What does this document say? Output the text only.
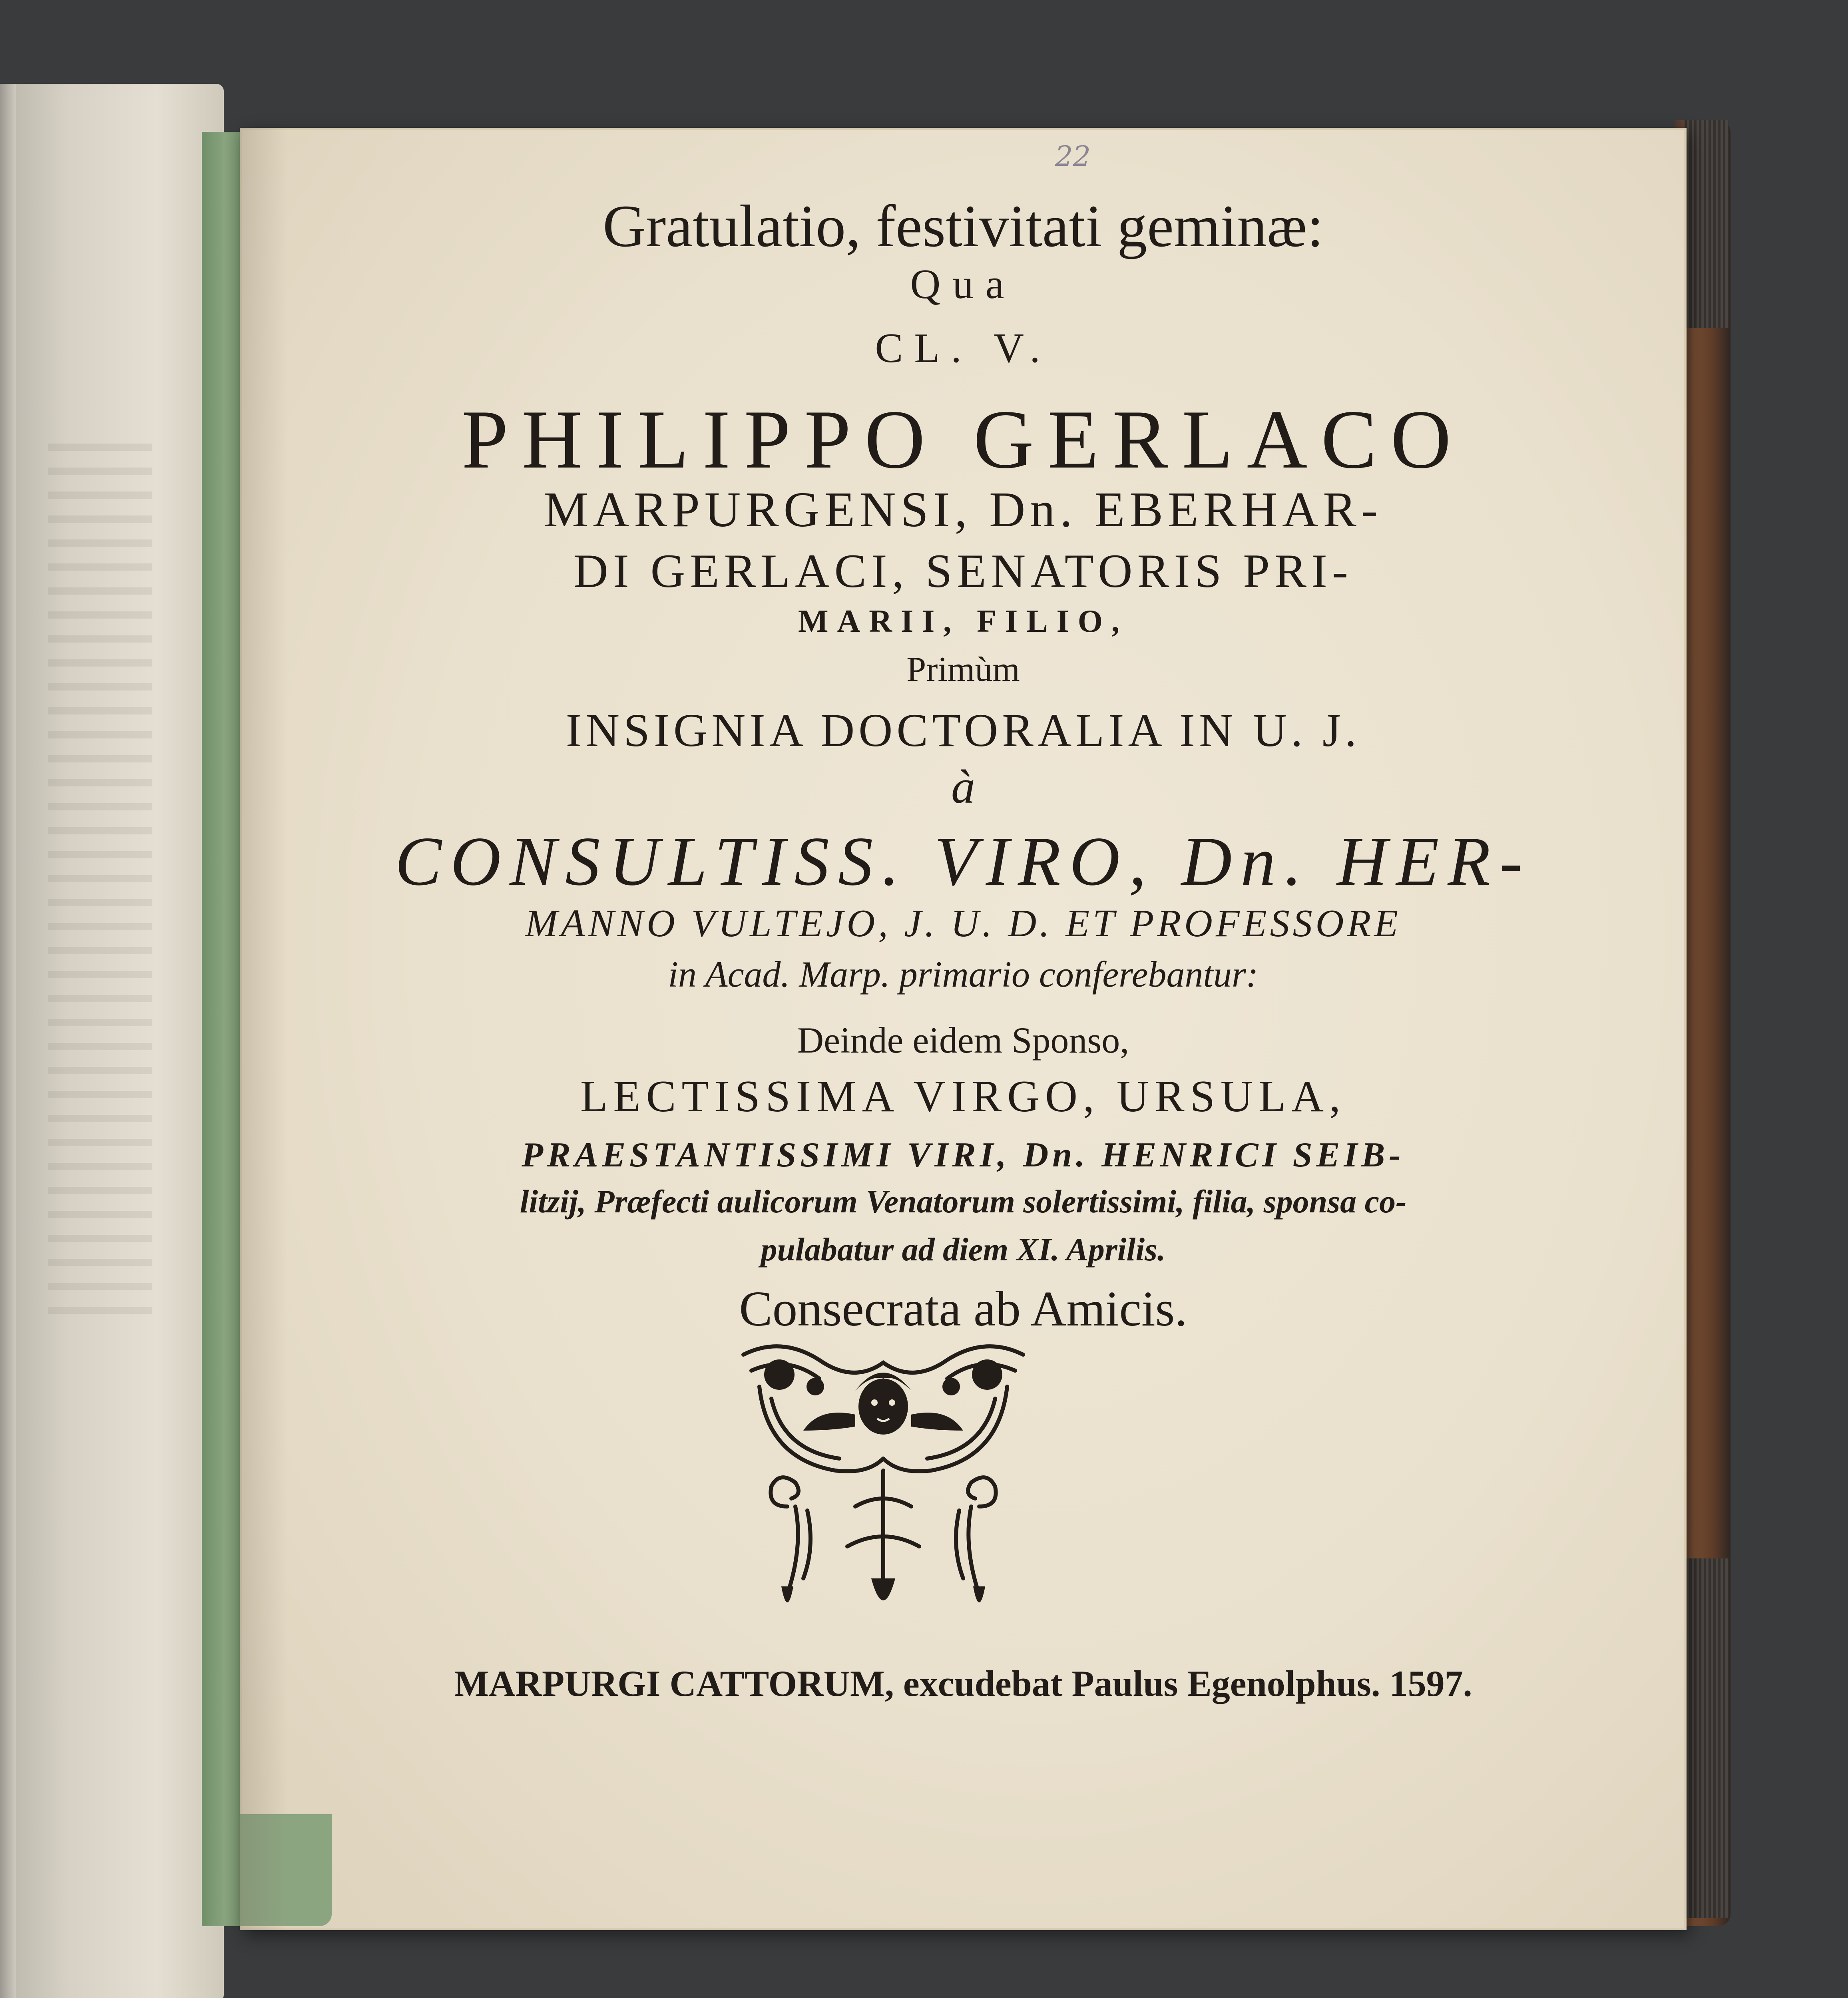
22
Gratulatio, festivitati geminæ:
Qua
CL. V.
PHILIPPO GERLACO
MARPURGENSI, Dn. EBERHAR-
DI GERLACI, SENATORIS PRI-
MARII, FILIO,
Primùm
INSIGNIA DOCTORALIA IN U. J.
à
CONSULTISS. VIRO, Dn. HER-
MANNO VULTEJO, J. U. D. ET PROFESSORE
in Acad. Marp. primario conferebantur:
Deinde eidem Sponso,
LECTISSIMA VIRGO, URSULA,
PRAESTANTISSIMI VIRI, Dn. HENRICI SEIB-
litzij, Præfecti aulicorum Venatorum solertissimi, filia, sponsa co-
pulabatur ad diem XI. Aprilis.
Consecrata ab Amicis.
MARPURGI CATTORUM, excudebat Paulus Egenolphus. 1597.
